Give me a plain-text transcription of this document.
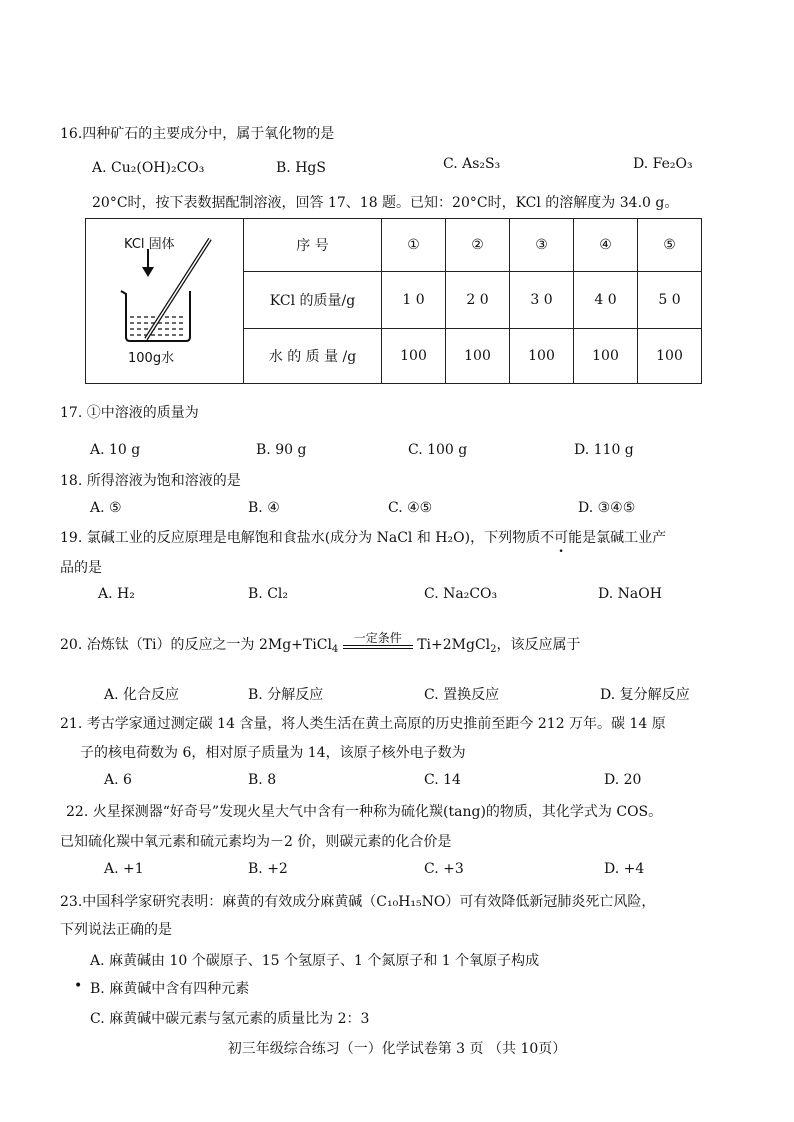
16.四种矿石的主要成分中，属于氧化物的是
A. Cu₂(OH)₂CO₃	B. HgS	C. As₂S₃	D. Fe₂O₃
20°C时，按下表数据配制溶液，回答 17、18 题。已知：20°C时，KCl 的溶解度为 34.0 g。
KCl 固体
100g水	序 号	①	②	③	④	⑤
	KCl 的质量/g	1 0	2 0	3 0	4 0	5 0
	水 的 质 量 /g	100	100	100	100	100
17. ①中溶液的质量为
A. 10 g	B. 90 g	C. 100 g	D. 110 g
18. 所得溶液为饱和溶液的是
A. ⑤	B. ④	C. ④⑤	D. ③④⑤
19. 氯碱工业的反应原理是电解饱和食盐水(成分为 NaCl 和 H₂O)，下列物质不可能是氯碱工业产
品的是
A. H₂	B. Cl₂	C. Na₂CO₃	D. NaOH
20. 冶炼钛（Ti）的反应之一为 2Mg+TiCl$_4$
一定条件	Ti+2MgCl$_2$，该反应属于
A. 化合反应	B. 分解反应	C. 置换反应	D. 复分解反应
21. 考古学家通过测定碳 14 含量，将人类生活在黄土高原的历史推前至距今 212 万年。碳 14 原
子的核电荷数为 6，相对原子质量为 14，该原子核外电子数为
A. 6	B. 8	C. 14	D. 20
22. 火星探测器“好奇号”发现火星大气中含有一种称为硫化羰(tang)的物质，其化学式为 COS。
已知硫化羰中氧元素和硫元素均为－2 价，则碳元素的化合价是
A. +1	B. +2	C. +3	D. +4
23.中国科学家研究表明：麻黄的有效成分麻黄碱（C₁₀H₁₅NO）可有效降低新冠肺炎死亡风险，
下列说法正确的是
A. 麻黄碱由 10 个碳原子、15 个氢原子、1 个氮原子和 1 个氧原子构成
• B. 麻黄碱中含有四种元素
C. 麻黄碱中碳元素与氢元素的质量比为 2：3
初三年级综合练习（一）化学试卷第 3 页 （共 10页）
